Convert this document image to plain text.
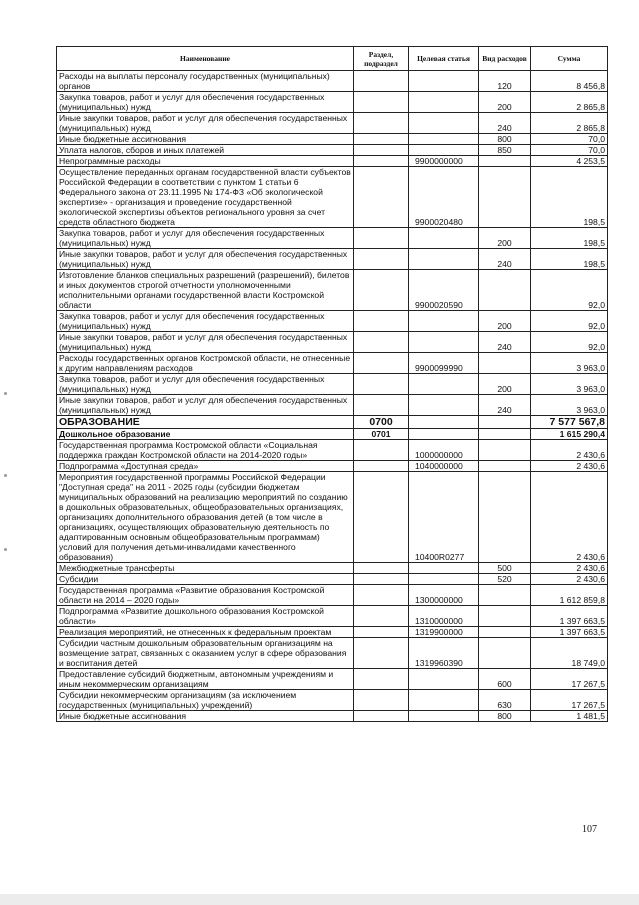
Наименование	Раздел, подраздел	Целевая статья	Вид расходов	Сумма
Расходы на выплаты персоналу государственных (муниципальных) органов			120	8 456,8
Закупка товаров, работ и услуг для обеспечения государственных (муниципальных) нужд			200	2 865,8
Иные закупки товаров, работ и услуг для обеспечения государственных (муниципальных) нужд			240	2 865,8
Иные бюджетные ассигнования			800	70,0
Уплата налогов, сборов и иных платежей			850	70,0
Непрограммные расходы		9900000000		4 253,5
Осуществление переданных органам государственной власти субъектов Российской Федерации в соответствии с пунктом 1 статьи 6 Федерального закона от 23.11.1995 № 174-ФЗ «Об экологической экспертизе» - организация и проведение государственной экологической экспертизы объектов регионального уровня за счет средств областного бюджета		9900020480		198,5
Закупка товаров, работ и услуг для обеспечения государственных (муниципальных) нужд			200	198,5
Иные закупки товаров, работ и услуг для обеспечения государственных (муниципальных) нужд			240	198,5
Изготовление бланков специальных разрешений (разрешений), билетов и иных документов строгой отчетности уполномоченными исполнительными органами государственной власти Костромской области		9900020590		92,0
Закупка товаров, работ и услуг для обеспечения государственных (муниципальных) нужд			200	92,0
Иные закупки товаров, работ и услуг для обеспечения государственных (муниципальных) нужд			240	92,0
Расходы государственных органов Костромской области, не отнесенные к другим направлениям расходов		9900099990		3 963,0
Закупка товаров, работ и услуг для обеспечения государственных (муниципальных) нужд			200	3 963,0
Иные закупки товаров, работ и услуг для обеспечения государственных (муниципальных) нужд			240	3 963,0
ОБРАЗОВАНИЕ	0700			7 577 567,8
Дошкольное образование	0701			1 615 290,4
Государственная программа Костромской области «Социальная поддержка граждан Костромской области на 2014-2020 годы»		1000000000		2 430,6
Подпрограмма «Доступная среда»		1040000000		2 430,6
Мероприятия государственной программы Российской Федерации "Доступная среда" на 2011 - 2025 годы (субсидии бюджетам муниципальных образований на реализацию мероприятий по созданию в дошкольных образовательных, общеобразовательных организациях, организациях дополнительного образования детей (в том числе в организациях, осуществляющих образовательную деятельность по адаптированным основным общеобразовательным программам) условий для получения детьми-инвалидами качественного образования)		10400R0277		2 430,6
Межбюджетные трансферты			500	2 430,6
Субсидии			520	2 430,6
Государственная программа «Развитие образования Костромской области на 2014 – 2020 годы»		1300000000		1 612 859,8
Подпрограмма «Развитие дошкольного образования Костромской области»		1310000000		1 397 663,5
Реализация мероприятий, не отнесенных к федеральным проектам		1319900000		1 397 663,5
Субсидии частным дошкольным образовательным организациям на возмещение затрат, связанных с оказанием услуг в сфере образования и воспитания детей		1319960390		18 749,0
Предоставление субсидий бюджетным, автономным учреждениям и иным некоммерческим организациям			600	17 267,5
Субсидии некоммерческим организациям (за исключением государственных (муниципальных) учреждений)			630	17 267,5
Иные бюджетные ассигнования			800	1 481,5
107
